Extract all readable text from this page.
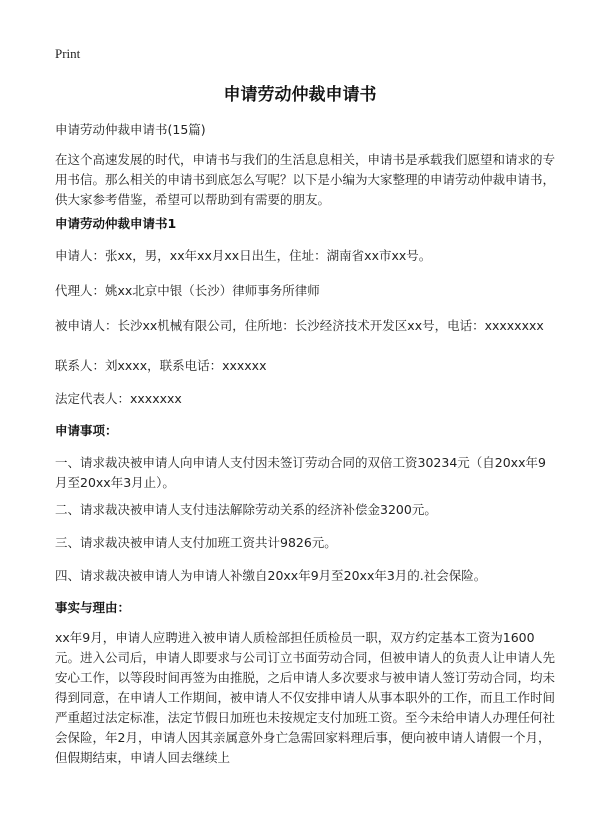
Print
申请劳动仲裁申请书

申请劳动仲裁申请书(15篇)

在这个高速发展的时代，申请书与我们的生活息息相关，申请书是承载我们愿望和请求的专用书信。那么相关的申请书到底怎么写呢？以下是小编为大家整理的申请劳动仲裁申请书，供大家参考借鉴，希望可以帮助到有需要的朋友。

申请劳动仲裁申请书1

申请人：张xx，男，xx年xx月xx日出生，住址：湖南省xx市xx号。

代理人：姚xx北京中银（长沙）律师事务所律师

被申请人：长沙xx机械有限公司，住所地：长沙经济技术开发区xx号，电话：xxxxxxxx

联系人：刘xxxx，联系电话：xxxxxx

法定代表人：xxxxxxx

申请事项：

一、请求裁决被申请人向申请人支付因未签订劳动合同的双倍工资30234元（自20xx年9月至20xx年3月止）。

二、请求裁决被申请人支付违法解除劳动关系的经济补偿金3200元。

三、请求裁决被申请人支付加班工资共计9826元。

四、请求裁决被申请人为申请人补缴自20xx年9月至20xx年3月的.社会保险。

事实与理由：

xx年9月，申请人应聘进入被申请人质检部担任质检员一职，双方约定基本工资为1600元。进入公司后，申请人即要求与公司订立书面劳动合同，但被申请人的负责人让申请人先安心工作，以等段时间再签为由推脱，之后申请人多次要求与被申请人签订劳动合同，均未得到同意，在申请人工作期间，被申请人不仅安排申请人从事本职外的工作，而且工作时间严重超过法定标准，法定节假日加班也未按规定支付加班工资。至今未给申请人办理任何社会保险，年2月，申请人因其亲属意外身亡急需回家料理后事，便向被申请人请假一个月，但假期结束，申请人回去继续上
